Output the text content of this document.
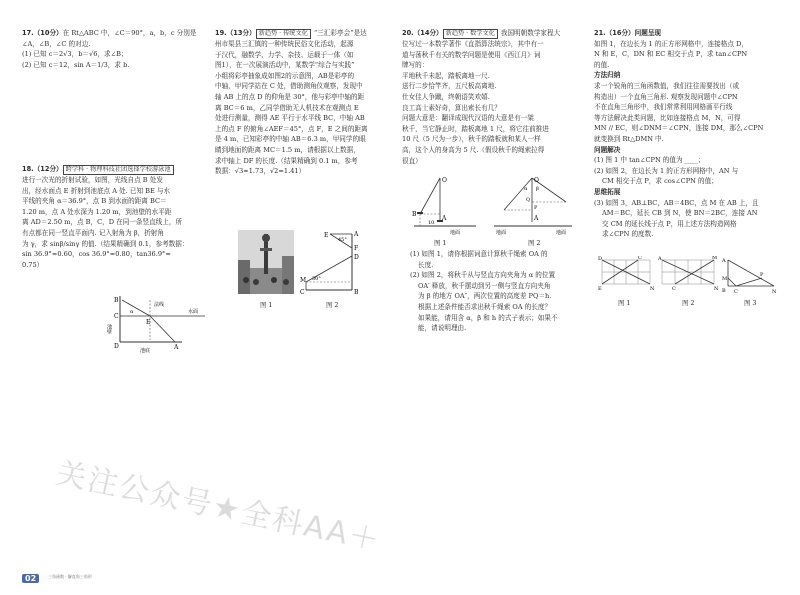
17.（10分）在 Rt△ABC 中，∠C＝90°，a，b，c 分别是

∠A，∠B，∠C 的对边.

(1) 已知 c＝2√3，b＝√6，求∠B；

(2) 已知 c＝12，sin A＝1/3，求 b.

18.（12分） 跨学科 · 物理科技社团选择学校游泳池

进行一次光的折射试验，如图，光线自点 B 处发

出，经水面点 E 折射到池底点 A 处. 已知 BE 与水

平线的夹角 α＝36.9°，点 B 到水面的距离 BC＝

1.20 m，点 A 处水深为 1.20 m，到池壁的水平距

离 AD＝2.50 m，点 B，C，D 在同一条竖直线上，所

有点都在同一竖直平面内. 记入射角为 β，折射角

为 γ，求 sinβ/sinγ 的值.（结果精确到 0.1，参考数据：

sin 36.9°≈0.60，cos 36.9°≈0.80，tan36.9°≈

0.75）

B
C
D
E
A
α
法线
水面
池壁
池底

19.（13分） 新趋势 · 传统文化 “三汇彩亭会”是达

州市渠县三汇镇的一种传统民俗文化活动，起源

于汉代，融数学、力学、杂技、运载于一体（如

图1），在一次展演活动中，某数学“综合与实践”

小组将彩亭抽象成如图2的示意图，AB是彩亭的

中轴，甲同学站在 C 处，借助测角仪观察，发现中

轴 AB 上的点 D 的仰角是 30°，他与彩亭中轴的距

离 BC＝6 m，乙同学借助无人机技术在观测点 E

处进行测量，测得 AE 平行于水平线 BC，中轴 AB

上的点 F 的俯角∠AEF＝45°，点 F，E 之间的距离

是 4 m，已知彩亭的中轴 AB＝6.3 m，甲同学的眼

睛到地面的距离 MC＝1.5 m，请根据以上数据，

求中轴上 DF 的长度.（结果精确到 0.1 m，参考

数据：√3≈1.73，√2≈1.41）

图 1
A
E
F
D
B
M
C
45°
30°
图 2

20.（14分） 新趋势 · 数学文化 我国明朝数学家程大

位写过一本数学著作《直指算法统宗》，其中有一

道与荡秋千有关的数学问题是使用《西江月》词

牌写的：

平地秋千未起，踏板离地一尺.

送行二步恰竿齐，五尺板高离地.

仕女佳人争蹴，终朝语笑欢嬉.

良工高士素好奇，算出索长有几？

问题大意是：翻译成现代汉语的大意是有一架

秋千，当它静止时，踏板离地 1 尺，将它往前推进

10 尺（5 尺为一步），秋千的踏板就和某人一样

高，这个人的身高为 5 尺.（假设秋千的绳索拉得

很直）

O
A
B
10
地面
图 1
O
A
Q
P
α β
地面	地面
图 2

(1) 如图 1，请你根据词意计算秋千绳索 OA 的

长度.

(2) 如图 2，将秋千从与竖直方向夹角为 α 的位置

OA′ 释放，秋千摆动到另一侧与竖直方向夹角

为 β 的地方 OA″，两次位置的高度差 PQ＝h.

根据上述条件能否求出秋千绳索 OA 的长度？

如果能，请用含 α，β 和 h 的式子表示；如果不

能，请说明理由.

21.（16分）问题呈现

如图 1，在边长为 1 的正方形网格中，连接格点 D，

N 和 E，C，DN 和 EC 相交于点 P，求 tan∠CPN

的值.

方法归纳

求一个锐角的三角函数值，我们往往需要找出（或

构造出）一个直角三角形. 观察发现问题中∠CPN

不在直角三角形中，我们常常利用网格画平行线

等方法解决此类问题，比如连接格点 M，N，可得

MN // EC，则∠DNM＝∠CPN，连接 DM，那么∠CPN

就变换到 Rt△DMN 中.

问题解决

(1) 图 1 中 tan∠CPN 的值为 ____；

(2) 如图 2，在边长为 1 的正方形网格中，AN 与

CM 相交于点 P，求 cos∠CPN 的值；

思维拓展

(3) 如图 3，AB⊥BC，AB＝4BC，点 M 在 AB 上，且

AM＝BC，延长 CB 到 N，使 BN＝2BC，连接 AN

交 CM 的延长线于点 P，用上述方法构造网格

求∠CPN 的度数.

D
E
C
N
图 1
A
N
C
M
图 2
A
M
B C	N
P
图 3
关注公众号★全科AA＋
02	三角函数 · 解直角三角形
